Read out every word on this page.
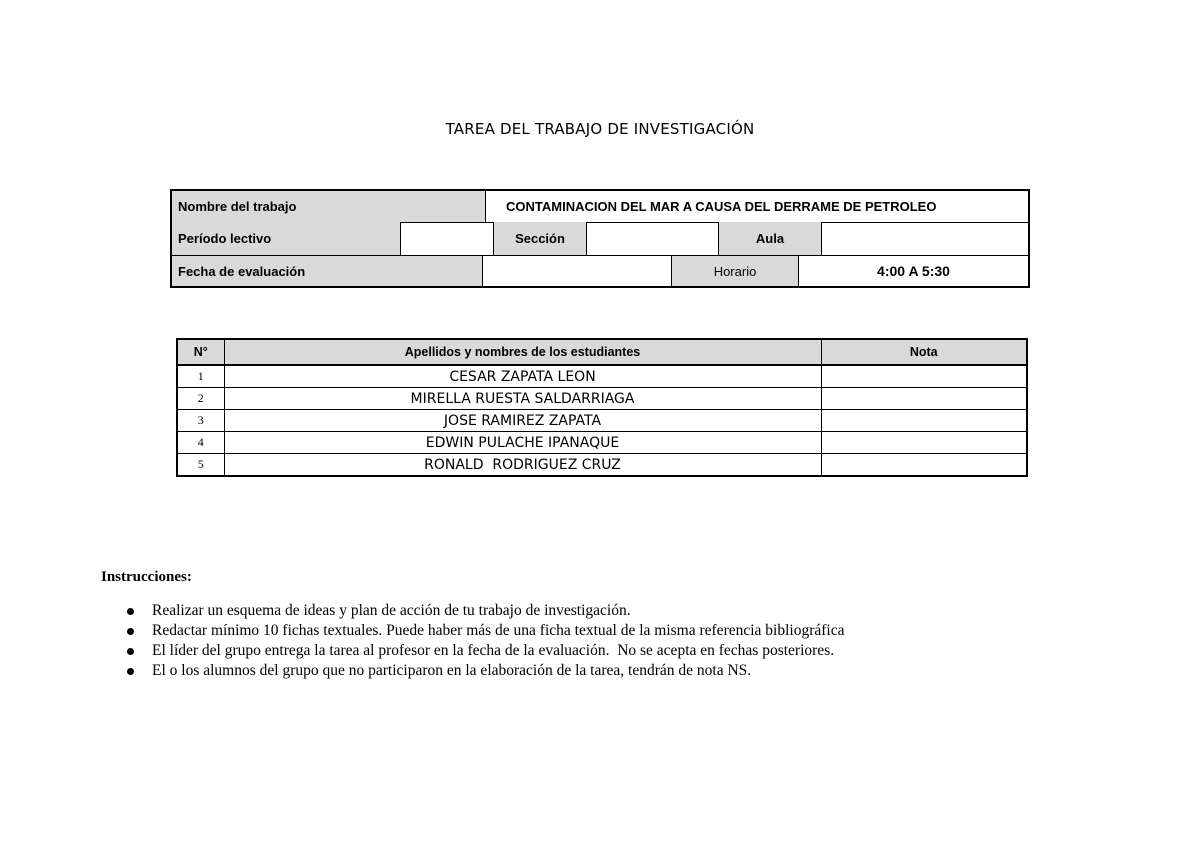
TAREA DEL TRABAJO DE INVESTIGACIÓN
Nombre del trabajo	CONTAMINACION DEL MAR A CAUSA DEL DERRAME DE PETROLEO
Período lectivo	Sección	Aula
Fecha de evaluación	Horario	4:00 A 5:30
N°	Apellidos y nombres de los estudiantes	Nota
1	CESAR ZAPATA LEON	
2	MIRELLA RUESTA SALDARRIAGA	
3	JOSE RAMIREZ ZAPATA	
4	EDWIN PULACHE IPANAQUE	
5	RONALD  RODRIGUEZ CRUZ	
Instrucciones:
Realizar un esquema de ideas y plan de acción de tu trabajo de investigación.
Redactar mínimo 10 fichas textuales. Puede haber más de una ficha textual de la misma referencia bibliográfica
El líder del grupo entrega la tarea al profesor en la fecha de la evaluación.  No se acepta en fechas posteriores.
El o los alumnos del grupo que no participaron en la elaboración de la tarea, tendrán de nota NS.
